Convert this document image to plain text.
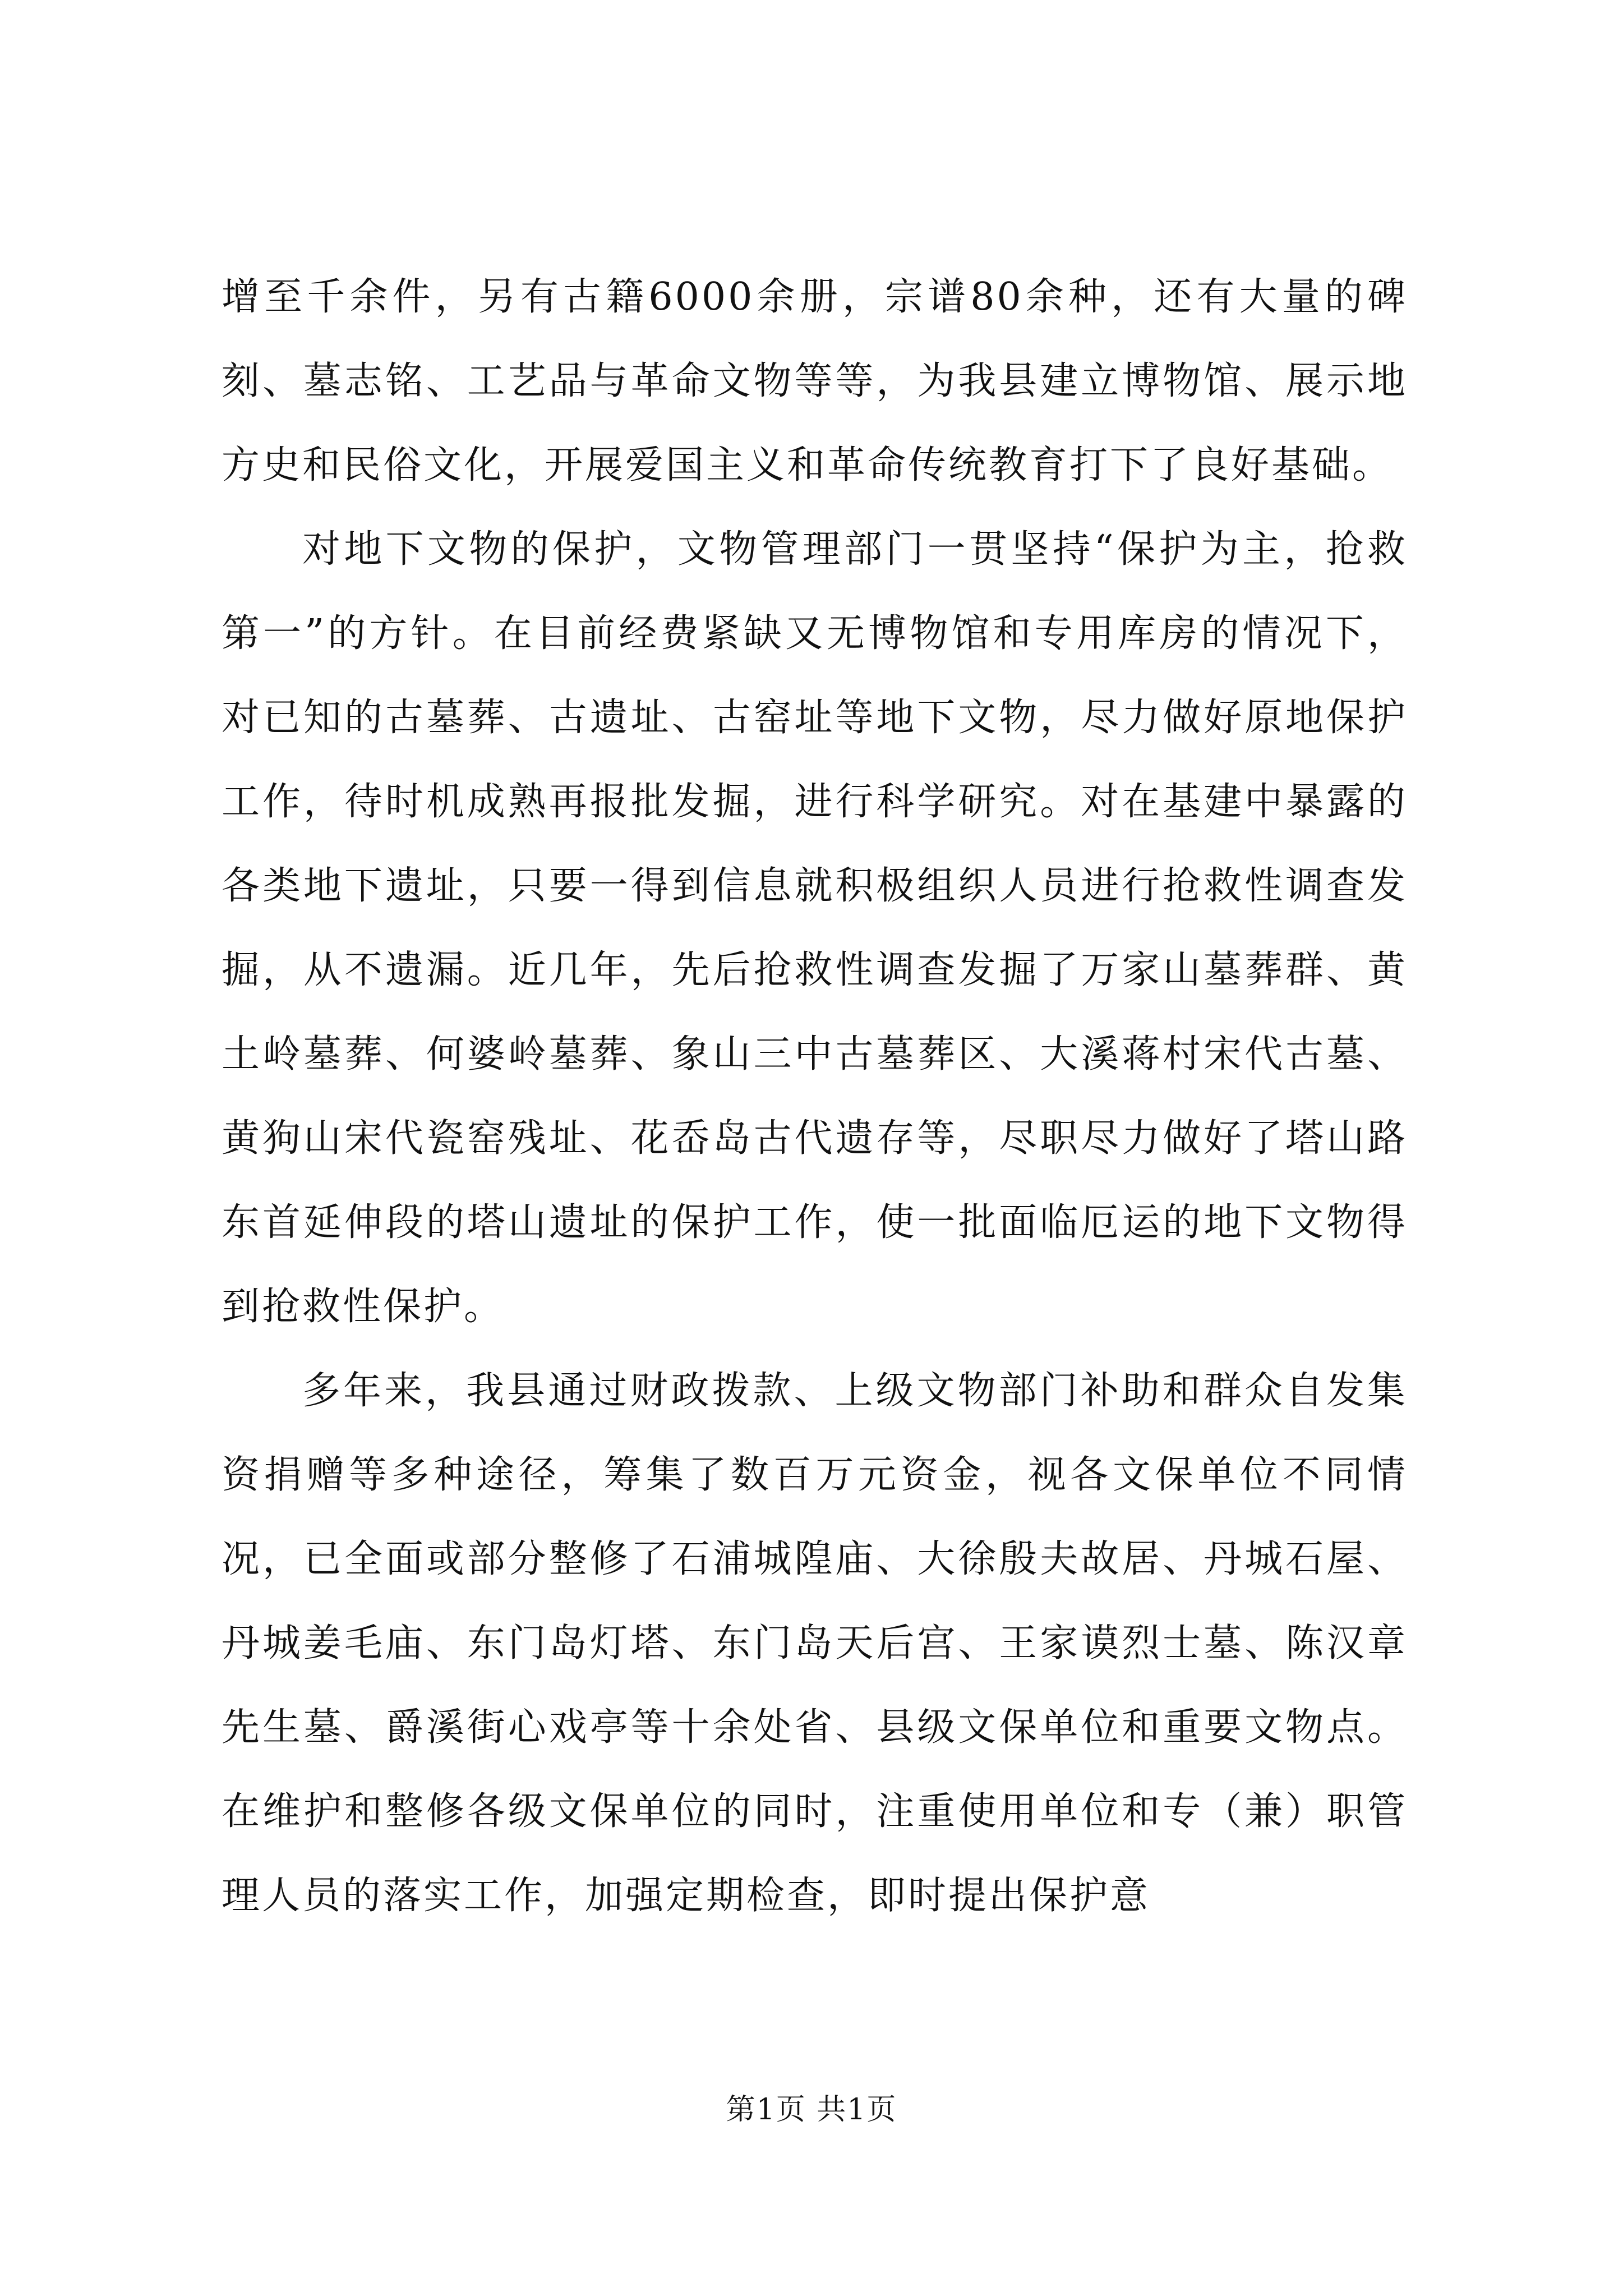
增至千余件，另有古籍6000余册，宗谱80余种，还有大量的碑刻、墓志铭、工艺品与革命文物等等，为我县建立博物馆、展示地方史和民俗文化，开展爱国主义和革命传统教育打下了良好基础。

对地下文物的保护，文物管理部门一贯坚持“保护为主，抢救第一”的方针。在目前经费紧缺又无博物馆和专用库房的情况下，对已知的古墓葬、古遗址、古窑址等地下文物，尽力做好原地保护工作，待时机成熟再报批发掘，进行科学研究。对在基建中暴露的各类地下遗址，只要一得到信息就积极组织人员进行抢救性调查发掘，从不遗漏。近几年，先后抢救性调查发掘了万家山墓葬群、黄土岭墓葬、何婆岭墓葬、象山三中古墓葬区、大溪蒋村宋代古墓、黄狗山宋代瓷窑残址、花岙岛古代遗存等，尽职尽力做好了塔山路东首延伸段的塔山遗址的保护工作，使一批面临厄运的地下文物得到抢救性保护。

多年来，我县通过财政拨款、上级文物部门补助和群众自发集资捐赠等多种途径，筹集了数百万元资金，视各文保单位不同情况，已全面或部分整修了石浦城隍庙、大徐殷夫故居、丹城石屋、丹城姜毛庙、东门岛灯塔、东门岛天后宫、王家谟烈士墓、陈汉章先生墓、爵溪街心戏亭等十余处省、县级文保单位和重要文物点。在维护和整修各级文保单位的同时，注重使用单位和专（兼）职管理人员的落实工作，加强定期检查，即时提出保护意

第1页 共1页
